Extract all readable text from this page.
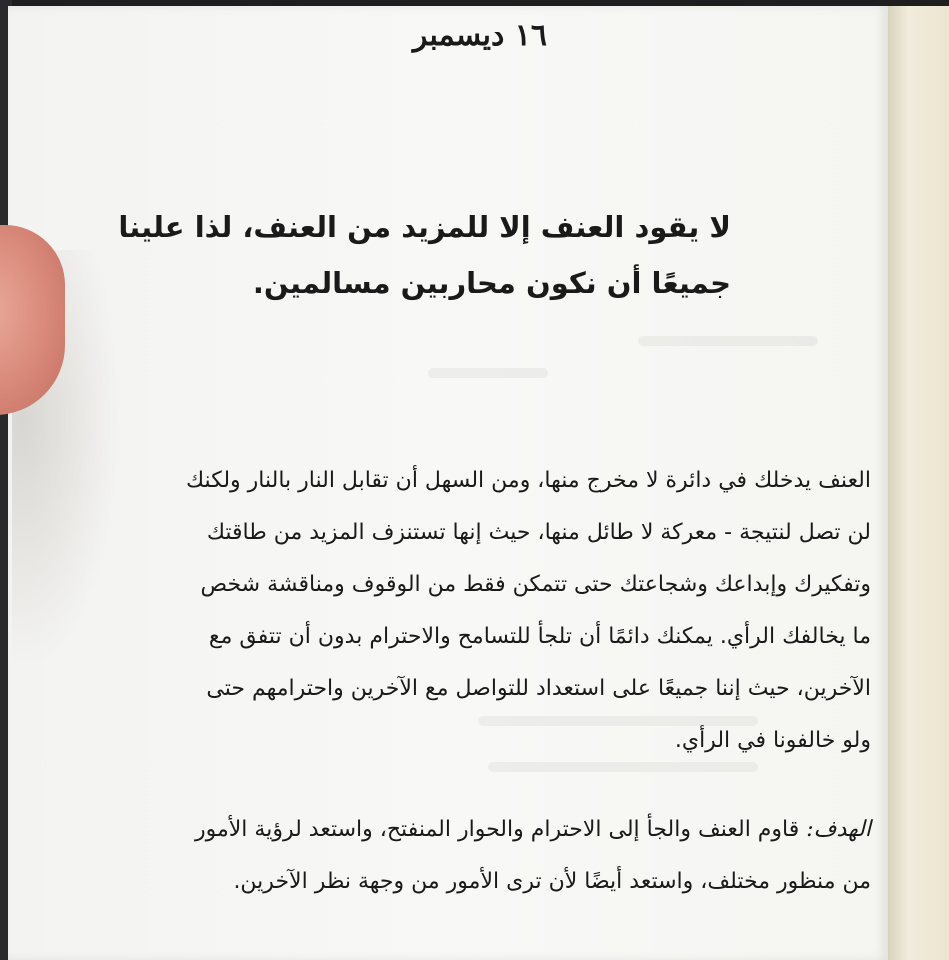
١٦ ديسمبر

لا يقود العنف إلا للمزيد من العنف، لذا علينا

جميعًا أن نكون محاربين مسالمين.

العنف يدخلك في دائرة لا مخرج منها، ومن السهل أن تقابل النار بالنار ولكنك

لن تصل لنتيجة - معركة لا طائل منها، حيث إنها تستنزف المزيد من طاقتك

وتفكيرك وإبداعك وشجاعتك حتى تتمكن فقط من الوقوف ومناقشة شخص

ما يخالفك الرأي. يمكنك دائمًا أن تلجأ للتسامح والاحترام بدون أن تتفق مع

الآخرين، حيث إننا جميعًا على استعداد للتواصل مع الآخرين واحترامهم حتى

ولو خالفونا في الرأي.

الهدف: قاوم العنف والجأ إلى الاحترام والحوار المنفتح، واستعد لرؤية الأمور

من منظور مختلف، واستعد أيضًا لأن ترى الأمور من وجهة نظر الآخرين.
